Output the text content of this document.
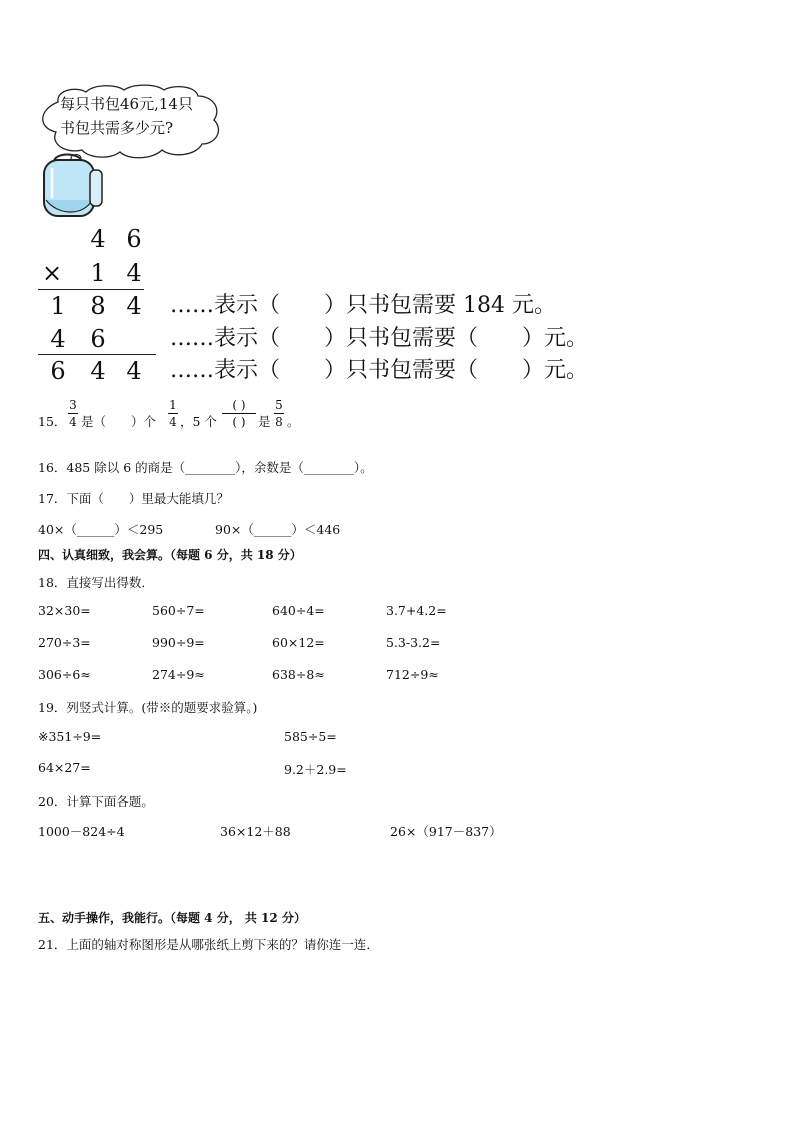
每只书包46元,14只
书包共需多少元?
4 6
× 1 4
1 8 4
4 6
6 4 4
……表示（　　）只书包需要 184 元。
……表示（　　）只书包需要（　　）元。
……表示（　　）只书包需要（　　）元。
15．
3
4 是（　　）个
1
4 ，5 个
( )
( ) 是
5
8 。
16．485 除以 6 的商是（________），余数是（________）。
17．下面（　　）里最大能填几？
40×（______）＜295	90×（______）＜446
四、认真细致，我会算。（每题 6 分，共 18 分）
18．直接写出得数．
32×30=	560÷7=	640÷4=	3.7+4.2=
270÷3=	990÷9=	60×12=	5.3-3.2=
306÷6≈	274÷9≈	638÷8≈	712÷9≈
19．列竖式计算。(带※的题要求验算。)
※351÷9=	585÷5=
64×27=	9.2＋2.9=
20．计算下面各题。
1000－824÷4	36×12＋88	26×（917－837）
五、动手操作，我能行。（每题 4 分， 共 12 分）
21．上面的轴对称图形是从哪张纸上剪下来的？请你连一连．
